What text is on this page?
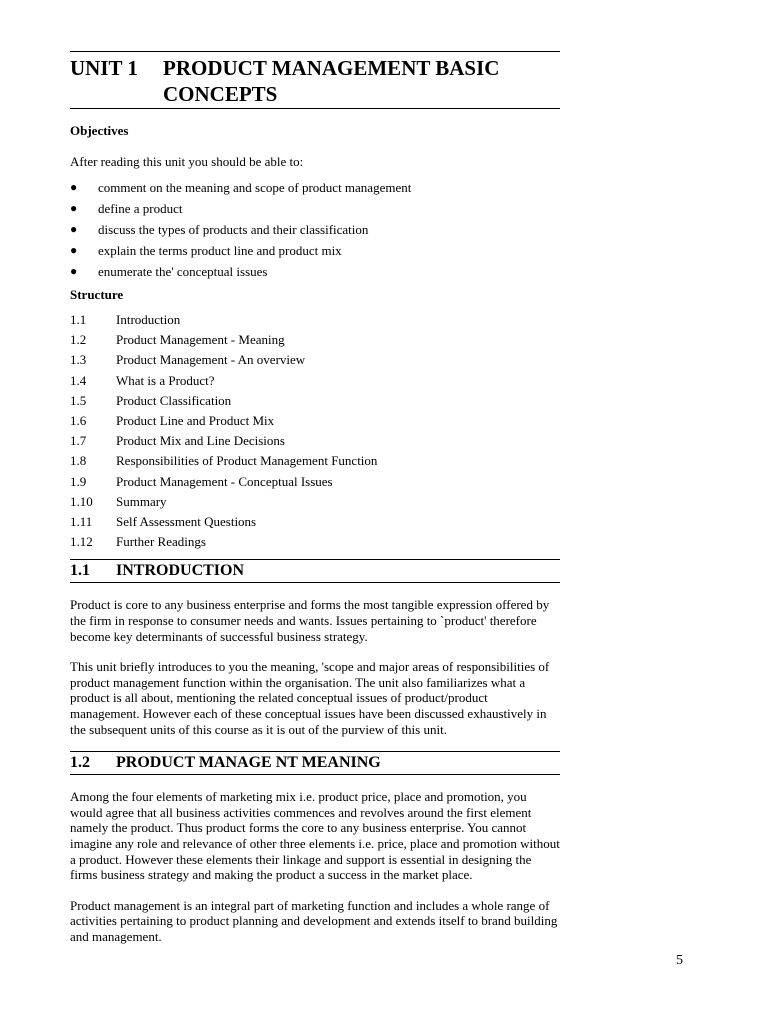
UNIT 1	PRODUCT MANAGEMENT BASIC CONCEPTS
Objectives
After reading this unit you should be able to:
●	comment on the meaning and scope of product management
●	define a product
●	discuss the types of products and their classification
●	explain the terms product line and product mix
●	enumerate the' conceptual issues
Structure
1.1	Introduction
1.2	Product Management - Meaning
1.3	Product Management - An overview
1.4	What is a Product?
1.5	Product Classification
1.6	Product Line and Product Mix
1.7	Product Mix and Line Decisions
1.8	Responsibilities of Product Management Function
1.9	Product Management - Conceptual Issues
1.10	Summary
1.11	Self Assessment Questions
1.12	Further Readings
1.1	INTRODUCTION

Product is core to any business enterprise and forms the most tangible expression offered by the firm in response to consumer needs and wants. Issues pertaining to `product' therefore become key determinants of successful business strategy.

This unit briefly introduces to you the meaning, 'scope and major areas of responsibilities of product management function within the organisation. The unit also familiarizes what a product is all about, mentioning the related conceptual issues of product/product management. However each of these conceptual issues have been discussed exhaustively in the subsequent units of this course as it is out of the purview of this unit.

1.2	PRODUCT MANAGE NT MEANING

Among the four elements of marketing mix i.e. product price, place and promotion, you would agree that all business activities commences and revolves around the first element namely the product. Thus product forms the core to any business enterprise. You cannot imagine any role and relevance of other three elements i.e. price, place and promotion without a product. However these elements their linkage and support is essential in designing the firms business strategy and making the product a success in the market place.

Product management is an integral part of marketing function and includes a whole range of activities pertaining to product planning and development and extends itself to brand building and management.

5
